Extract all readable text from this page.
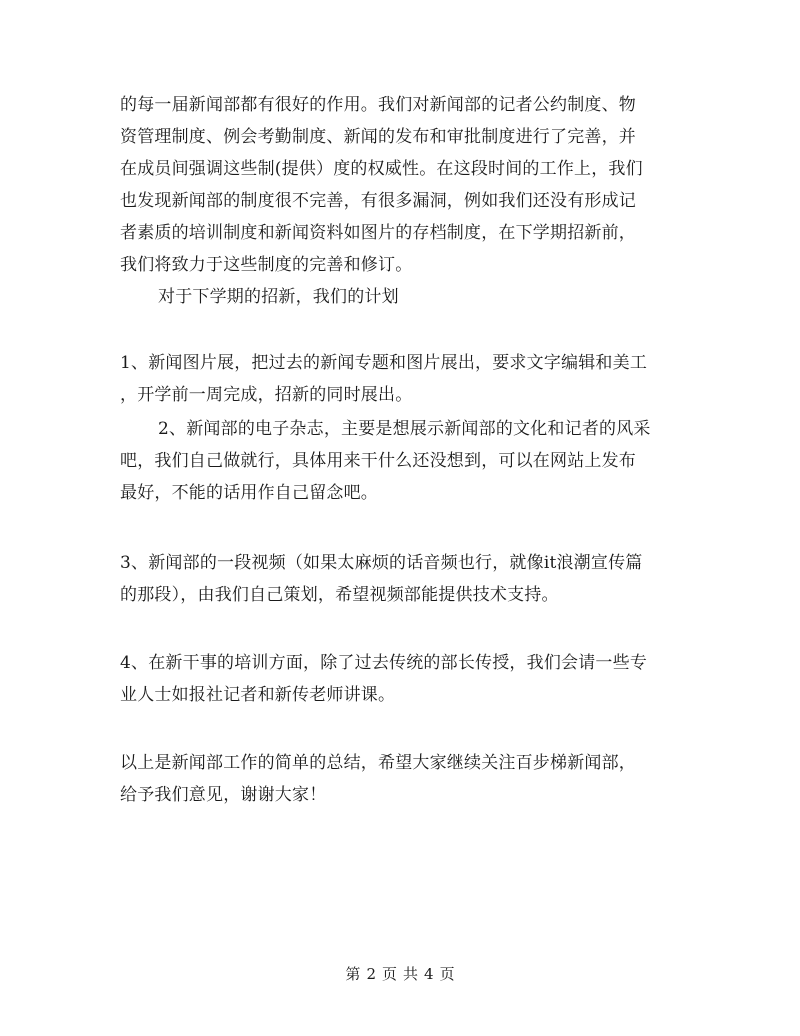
的每一届新闻部都有很好的作用。我们对新闻部的记者公约制度、物
资管理制度、例会考勤制度、新闻的发布和审批制度进行了完善，并
在成员间强调这些制(提供）度的权威性。在这段时间的工作上，我们
也发现新闻部的制度很不完善，有很多漏洞，例如我们还没有形成记
者素质的培训制度和新闻资料如图片的存档制度，在下学期招新前，
我们将致力于这些制度的完善和修订。
对于下学期的招新，我们的计划
1、新闻图片展，把过去的新闻专题和图片展出，要求文字编辑和美工
，开学前一周完成，招新的同时展出。
2、新闻部的电子杂志，主要是想展示新闻部的文化和记者的风采
吧，我们自己做就行，具体用来干什么还没想到，可以在网站上发布
最好，不能的话用作自己留念吧。
3、新闻部的一段视频（如果太麻烦的话音频也行，就像it浪潮宣传篇
的那段），由我们自己策划，希望视频部能提供技术支持。
4、在新干事的培训方面，除了过去传统的部长传授，我们会请一些专
业人士如报社记者和新传老师讲课。
以上是新闻部工作的简单的总结，希望大家继续关注百步梯新闻部，
给予我们意见，谢谢大家！
第 2 页 共 4 页
